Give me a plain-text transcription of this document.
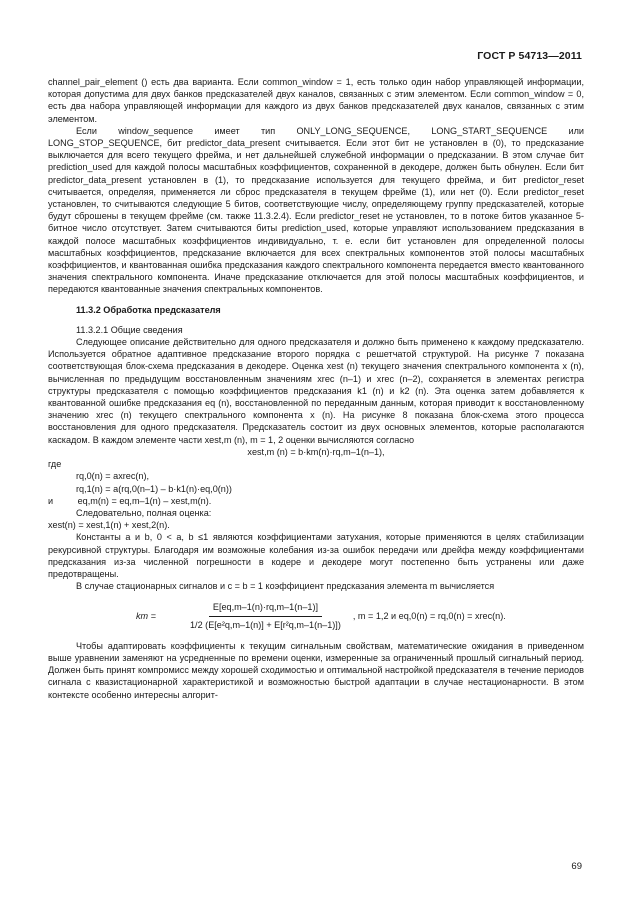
ГОСТ Р 54713—2011

channel_pair_element () есть два варианта. Если common_window = 1, есть только один набор управляющей информации, которая допустима для двух банков предсказателей двух каналов, связанных с этим элементом. Если common_window = 0, есть два набора управляющей информации для каждого из двух банков предсказателей двух каналов, связанных с этим элементом.

Если window_sequence имеет тип ONLY_LONG_SEQUENCE, LONG_START_SEQUENCE или LONG_STOP_SEQUENCE, бит predictor_data_present считывается. Если этот бит не установлен в (0), то предсказание выключается для всего текущего фрейма, и нет дальнейшей служебной информации о предсказании. В этом случае бит prediction_used для каждой полосы масштабных коэффициентов, сохраненной в декодере, должен быть обнулен. Если бит predictor_data_present установлен в (1), то предсказание используется для текущего фрейма, и бит predictor_reset считывается, определяя, применяется ли сброс предсказателя в текущем фрейме (1), или нет (0). Если predictor_reset установлен, то считываются следующие 5 битов, соответствующие числу, определяющему группу предсказателей, которые будут сброшены в текущем фрейме (см. также 11.3.2.4). Если predictor_reset не установлен, то в потоке битов указанное 5-битное число отсутствует. Затем считываются биты prediction_used, которые управляют использованием предсказания в каждой полосе масштабных коэффициентов индивидуально, т. е. если бит установлен для определенной полосы масштабных коэффициентов, предсказание включается для всех спектральных компонентов этой полосы масштабных коэффициентов, и квантованная ошибка предсказания каждого спектрального компонента передается вместо квантованного значения спектрального компонента. Иначе предсказание отключается для этой полосы масштабных коэффициентов, и передаются квантованные значения спектральных компонентов.

11.3.2 Обработка предсказателя

11.3.2.1 Общие сведения

Следующее описание действительно для одного предсказателя и должно быть применено к каждому предсказателю. Используется обратное адаптивное предсказание второго порядка с решетчатой структурой. На рисунке 7 показана соответствующая блок-схема предсказания в декодере. Оценка xest (n) текущего значения спектрального компонента x (n), вычисленная по предыдущим восстановленным значениям xrec (n–1) и xrec (n–2), сохраняется в элементах регистра структуры предсказателя с помощью коэффициентов предсказания k1 (n) и k2 (n). Эта оценка затем добавляется к квантованной ошибке предсказания eq (n), восстановленной по переданным данным, которая приводит к восстановленному значению xrec (n) текущего спектрального компонента x (n). На рисунке 8 показана блок-схема этого процесса восстановления для одного предсказателя. Предсказатель состоит из двух основных элементов, которые располагаются каскадом. В каждом элементе части xest,m (n), m = 1, 2 оценки вычисляются согласно

xest,m (n) = b·km(n)·rq,m–1(n–1),

где

rq,0(n) = axrec(n),

rq,1(n) = a(rq,0(n–1) – b·k1(n)·eq,0(n))

и	eq,m(n) = eq,m–1(n) – xest,m(n).

Следовательно, полная оценка:

xest(n) = xest,1(n) + xest,2(n).

Константы a и b, 0 < a, b ≤1 являются коэффициентами затухания, которые применяются в целях стабилизации рекурсивной структуры. Благодаря им возможные колебания из-за ошибок передачи или дрейфа между коэффициентами предсказания из-за численной погрешности в кодере и декодере могут постепенно быть устранены или даже предотвращены.

В случае стационарных сигналов и с = b = 1 коэффициент предсказания элемента m вычисляется

km =	$\frac{E[eq,m-1(n)\cdot rq,m-1(n-1)]}{\text{1/2 (E[e²q,m–1(n)] + E[r²q,m–1(n–1)])}}$ , m = 1,2 и eq,0(n) = rq,0(n) = xrec(n).

Чтобы адаптировать коэффициенты к текущим сигнальным свойствам, математические ожидания в приведенном выше уравнении заменяют на усредненные по времени оценки, измеренные за ограниченный прошлый сигнальный период. Должен быть принят компромисс между хорошей сходимостью и оптимальной настройкой предсказателя в течение периодов сигнала с квазистационарной характеристикой и возможностью быстрой адаптации в случае нестационарности. В этом контексте особенно интересны алгорит-

69
